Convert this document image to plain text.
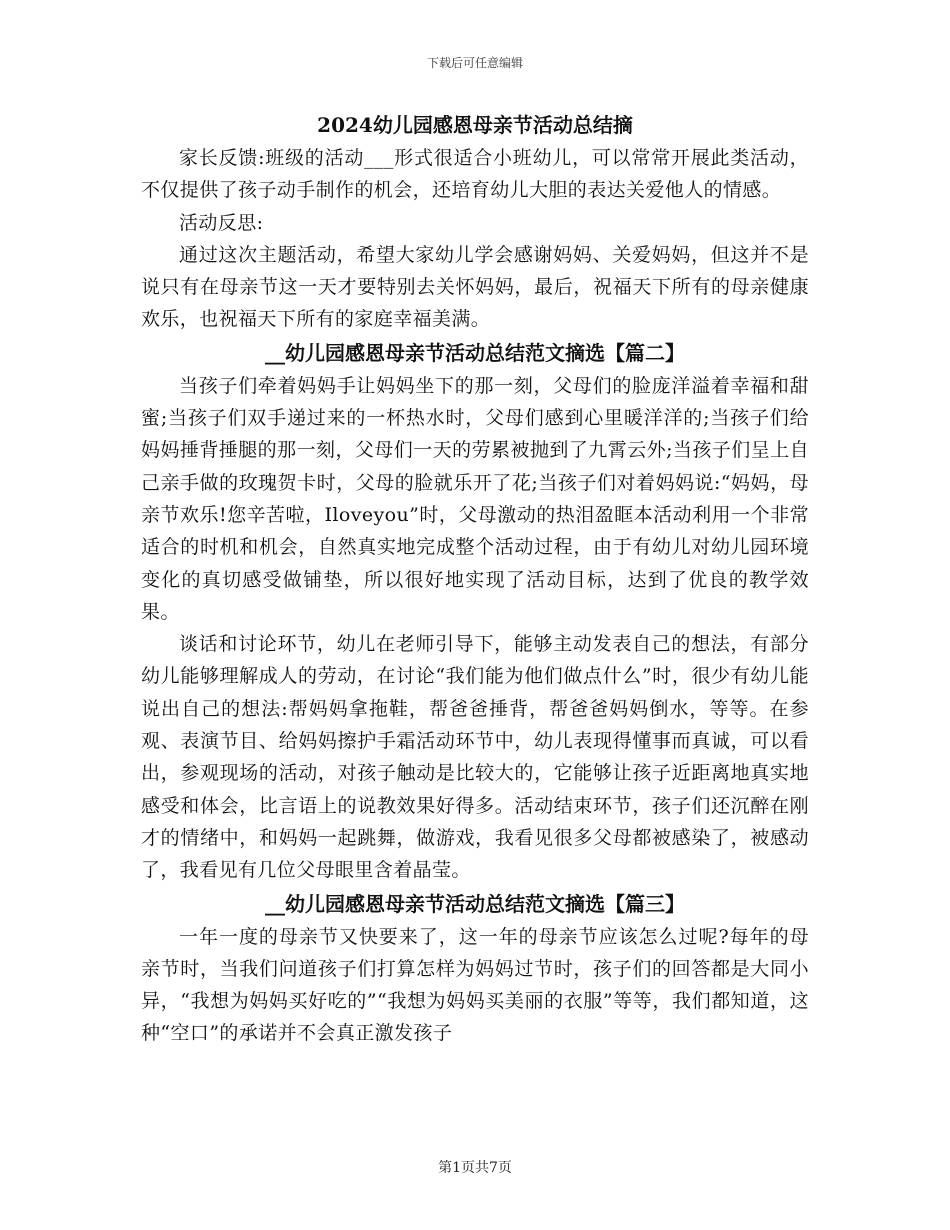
下载后可任意编辑
2024幼儿园感恩母亲节活动总结摘

家长反馈:班级的活动___形式很适合小班幼儿，可以常常开展此类活动，不仅提供了孩子动手制作的机会，还培育幼儿大胆的表达关爱他人的情感。

活动反思:

通过这次主题活动，希望大家幼儿学会感谢妈妈、关爱妈妈，但这并不是说只有在母亲节这一天才要特别去关怀妈妈，最后，祝福天下所有的母亲健康欢乐，也祝福天下所有的家庭幸福美满。

__幼儿园感恩母亲节活动总结范文摘选【篇二】

当孩子们牵着妈妈手让妈妈坐下的那一刻，父母们的脸庞洋溢着幸福和甜蜜;当孩子们双手递过来的一杯热水时，父母们感到心里暖洋洋的;当孩子们给妈妈捶背捶腿的那一刻，父母们一天的劳累被抛到了九霄云外;当孩子们呈上自己亲手做的玫瑰贺卡时，父母的脸就乐开了花;当孩子们对着妈妈说:“妈妈，母亲节欢乐!您辛苦啦，Iloveyou”时，父母激动的热泪盈眶本活动利用一个非常适合的时机和机会，自然真实地完成整个活动过程，由于有幼儿对幼儿园环境变化的真切感受做铺垫，所以很好地实现了活动目标，达到了优良的教学效果。

谈话和讨论环节，幼儿在老师引导下，能够主动发表自己的想法，有部分幼儿能够理解成人的劳动，在讨论“我们能为他们做点什么”时，很少有幼儿能说出自己的想法:帮妈妈拿拖鞋，帮爸爸捶背，帮爸爸妈妈倒水，等等。在参观、表演节目、给妈妈擦护手霜活动环节中，幼儿表现得懂事而真诚，可以看出，参观现场的活动，对孩子触动是比较大的，它能够让孩子近距离地真实地感受和体会，比言语上的说教效果好得多。活动结束环节，孩子们还沉醉在刚才的情绪中，和妈妈一起跳舞，做游戏，我看见很多父母都被感染了，被感动了，我看见有几位父母眼里含着晶莹。

__幼儿园感恩母亲节活动总结范文摘选【篇三】

一年一度的母亲节又快要来了，这一年的母亲节应该怎么过呢?每年的母亲节时，当我们问道孩子们打算怎样为妈妈过节时，孩子们的回答都是大同小异，“我想为妈妈买好吃的”“我想为妈妈买美丽的衣服”等等，我们都知道，这种“空口”的承诺并不会真正激发孩子

第1页共7页
